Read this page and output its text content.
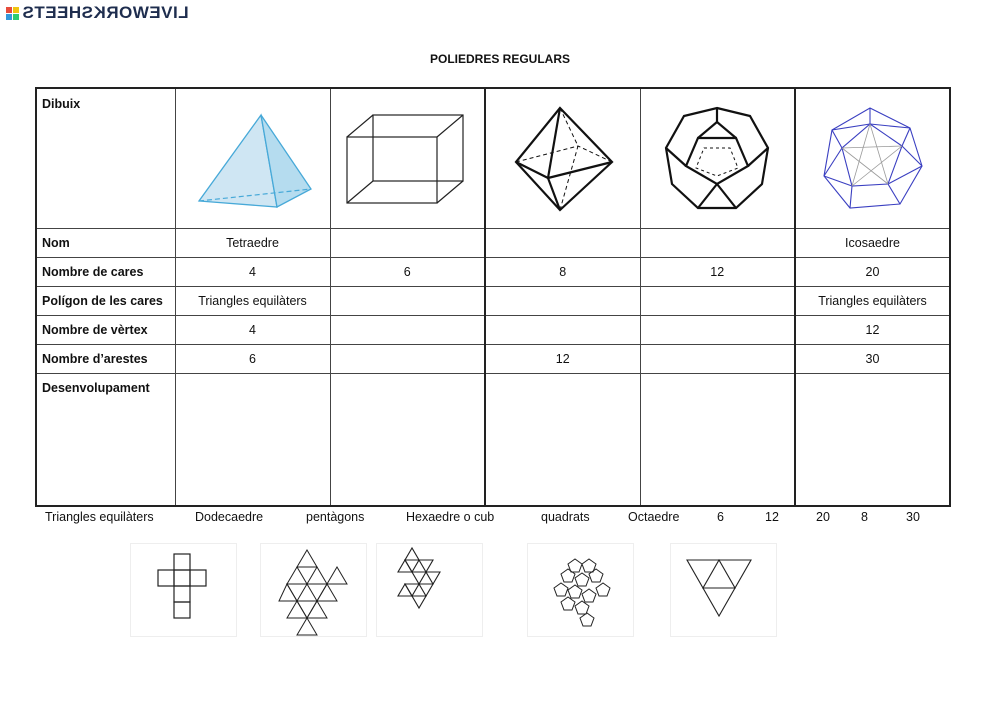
LIVEWORKSHEETS
POLIEDRES REGULARS
Dibuix	

Nom	Tetraedre				Icosaedre
Nombre de cares	4	6	8	12	20
Polígon de les cares	Triangles equilàters				Triangles equilàters
Nombre de vèrtex	4				12
Nombre d’arestes	6		12		30
Desenvolupament					
Triangles equilàters	Dodecaedre	pentàgons	Hexaedre o cub	quadrats	Octaedre	6	12	20 8	30
